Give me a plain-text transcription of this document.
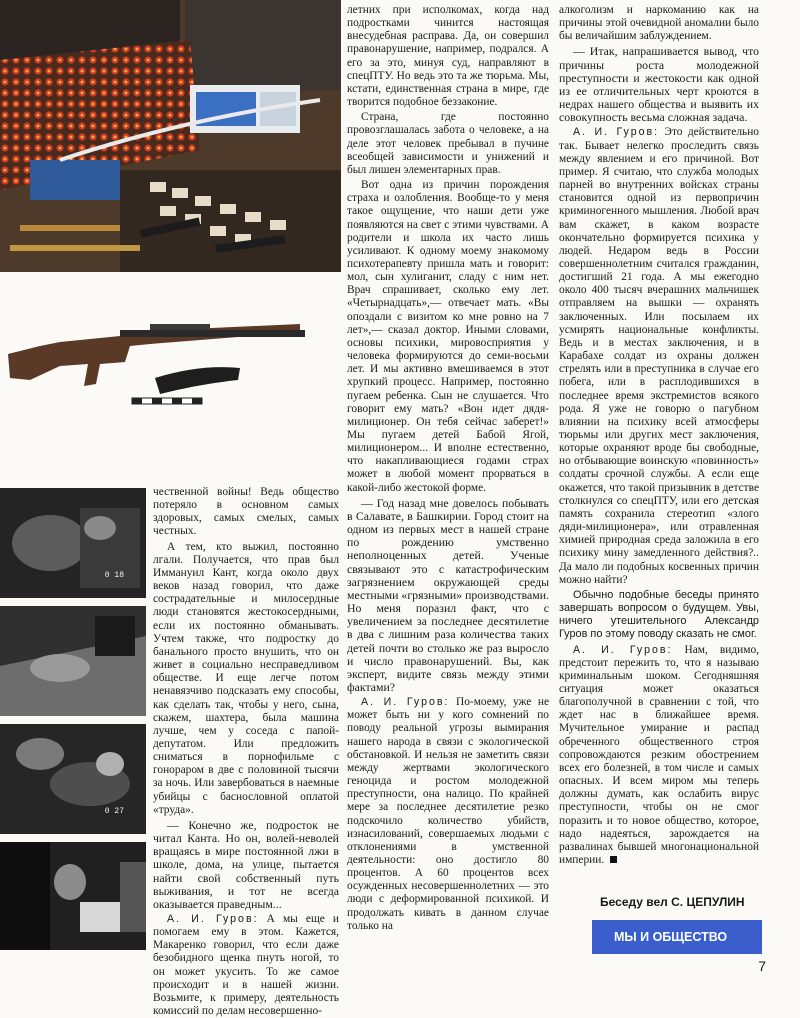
0 18
0 27

чественной войны! Ведь общество потеряло в основном самых здоровых, самых смелых, самых честных.

А тем, кто выжил, постоянно лгали. Получается, что прав был Иммануил Кант, когда около двух веков назад говорил, что даже сострадательные и милосердные люди становятся жестокосердными, если их постоянно обманывать. Учтем также, что подростку до банального просто внушить, что он живет в социально несправедливом обществе. И еще легче потом ненавязчиво подсказать ему способы, как сделать так, чтобы у него, сына, скажем, шахтера, была машина лучше, чем у соседа с папой-депутатом. Или предложить сниматься в порнофильме с гонораром в две с половиной тысячи за ночь. Или завербоваться в наемные убийцы с баснословной оплатой «труда».

— Конечно же, подросток не читал Канта. Но он, волей-неволей вращаясь в мире постоянной лжи в школе, дома, на улице, пытается найти свой собственный путь выживания, и тот не всегда оказывается праведным...

А. И. Гуров: А мы еще и помогаем ему в этом. Кажется, Макаренко говорил, что если даже безобидного щенка пнуть ногой, то он может укусить. То же самое происходит и в нашей жизни. Возьмите, к примеру, деятельность комиссий по делам несовершенно-

летних при исполкомах, когда над подростками чинится настоящая внесудебная расправа. Да, он совершил правонарушение, например, подрался. А его за это, минуя суд, направляют в спецПТУ. Но ведь это та же тюрьма. Мы, кстати, единственная страна в мире, где творится подобное беззаконие.

Страна, где постоянно провозглашалась забота о человеке, а на деле этот человек пребывал в пучине всеобщей зависимости и унижений и был лишен элементарных прав.

Вот одна из причин порождения страха и озлобления. Вообще-то у меня такое ощущение, что наши дети уже появляются на свет с этими чувствами. А родители и школа их часто лишь усиливают. К одному моему знакомому психотерапевту пришла мать и говорит: мол, сын хулиганит, сладу с ним нет. Врач спрашивает, сколько ему лет. «Четырнадцать»,— отвечает мать. «Вы опоздали с визитом ко мне ровно на 7 лет»,— сказал доктор. Иными словами, основы психики, мировосприятия у человека формируются до семи-восьми лет. И мы активно вмешиваемся в этот хрупкий процесс. Например, постоянно пугаем ребенка. Сын не слушается. Что говорит ему мать? «Вон идет дядя-милиционер. Он тебя сейчас заберет!» Мы пугаем детей Бабой Ягой, милиционером... И вполне естественно, что накапливающиеся годами страх может в любой момент прорваться в какой-либо жестокой форме.

— Год назад мне довелось побывать в Салавате, в Башкирии. Город стоит на одном из первых мест в нашей стране по рождению умственно неполноценных детей. Ученые связывают это с катастрофическим загрязнением окружающей среды местными «грязными» производствами. Но меня поразил факт, что с увеличением за последнее десятилетие в два с лишним раза количества таких детей почти во столько же раз выросло и число правонарушений. Вы, как эксперт, видите связь между этими фактами?

А. И. Гуров: По-моему, уже не может быть ни у кого сомнений по поводу реальной угрозы вымирания нашего народа в связи с экологической обстановкой. И нельзя не заметить связи между жертвами экологического геноцида и ростом молодежной преступности, она налицо. По крайней мере за последнее десятилетие резко подскочило количество убийств, изнасилований, совершаемых людьми с отклонениями в умственной деятельности: оно достигло 80 процентов. А 60 процентов всех осужденных несовершеннолетних — это люди с деформированной психикой. И продолжать кивать в данном случае только на

алкоголизм и наркоманию как на причины этой очевидной аномалии было бы величайшим заблуждением.

— Итак, напрашивается вывод, что причины роста молодежной преступности и жестокости как одной из ее отличительных черт кроются в недрах нашего общества и выявить их совокупность весьма сложная задача.

А. И. Гуров: Это действительно так. Бывает нелегко проследить связь между явлением и его причиной. Вот пример. Я считаю, что служба молодых парней во внутренних войсках страны становится одной из первопричин криминогенного мышления. Любой врач вам скажет, в каком возрасте окончательно формируется психика у людей. Недаром ведь в России совершеннолетним считался гражданин, достигший 21 года. А мы ежегодно около 400 тысяч вчерашних мальчишек отправляем на вышки — охранять заключенных. Или посылаем их усмирять национальные конфликты. Ведь и в местах заключения, и в Карабахе солдат из охраны должен стрелять или в преступника в случае его побега, или в расплодившихся в последнее время экстремистов всякого рода. Я уже не говорю о пагубном влиянии на психику всей атмосферы тюрьмы или других мест заключения, которые охраняют вроде бы свободные, но отбывающие воинскую «повинность» солдаты срочной службы. А если еще окажется, что такой призывник в детстве столкнулся со спецПТУ, или его детская память сохранила стереотип «злого дяди-милиционера», или отравленная химией природная среда заложила в его психику мину замедленного действия?.. Да мало ли подобных косвенных причин можно найти?

Обычно подобные беседы принято завершать вопросом о будущем. Увы, ничего утешительного Александр Гуров по этому поводу сказать не смог.

А. И. Гуров: Нам, видимо, предстоит пережить то, что я называю криминальным шоком. Сегодняшняя ситуация может оказаться благополучной в сравнении с той, что ждет нас в ближайшее время. Мучительное умирание и распад обреченного общественного строя сопровождаются резким обострением всех его болезней, в том числе и самых опасных. И всем миром мы теперь должны думать, как ослабить вирус преступности, чтобы он не смог поразить и то новое общество, которое, надо надеяться, зарождается на развалинах бывшей многонациональной империи.

Беседу вел С. ЦЕПУЛИН
МЫ И ОБЩЕСТВО
7
